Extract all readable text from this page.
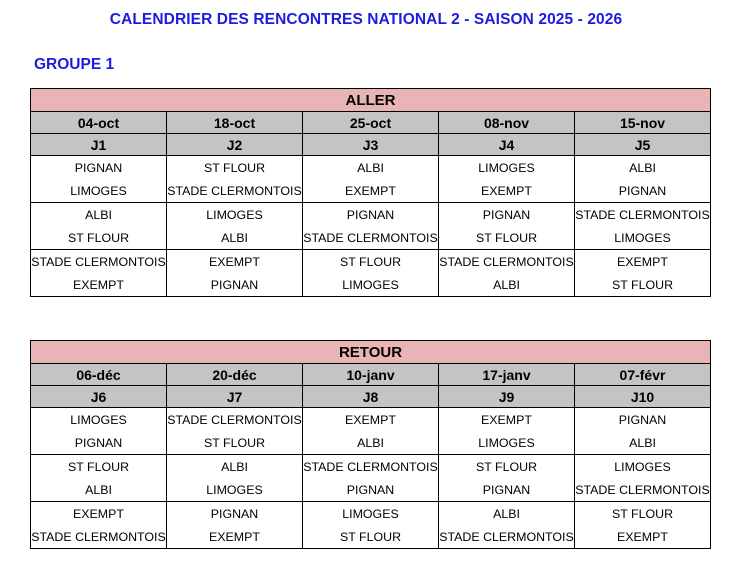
CALENDRIER DES RENCONTRES NATIONAL 2 - SAISON 2025 - 2026
GROUPE 1
ALLER				
04-oct	18-oct	25-oct	08-nov	15-nov
J1	J2	J3	J4	J5
PIGNAN	ST FLOUR	ALBI	LIMOGES	ALBI
LIMOGES	STADE CLERMONTOIS	EXEMPT	EXEMPT	PIGNAN
ALBI	LIMOGES	PIGNAN	PIGNAN	STADE CLERMONTOIS
ST FLOUR	ALBI	STADE CLERMONTOIS	ST FLOUR	LIMOGES
STADE CLERMONTOIS	EXEMPT	ST FLOUR	STADE CLERMONTOIS	EXEMPT
EXEMPT	PIGNAN	LIMOGES	ALBI	ST FLOUR
RETOUR				
06-déc	20-déc	10-janv	17-janv	07-févr
J6	J7	J8	J9	J10
LIMOGES	STADE CLERMONTOIS	EXEMPT	EXEMPT	PIGNAN
PIGNAN	ST FLOUR	ALBI	LIMOGES	ALBI
ST FLOUR	ALBI	STADE CLERMONTOIS	ST FLOUR	LIMOGES
ALBI	LIMOGES	PIGNAN	PIGNAN	STADE CLERMONTOIS
EXEMPT	PIGNAN	LIMOGES	ALBI	ST FLOUR
STADE CLERMONTOIS	EXEMPT	ST FLOUR	STADE CLERMONTOIS	EXEMPT
